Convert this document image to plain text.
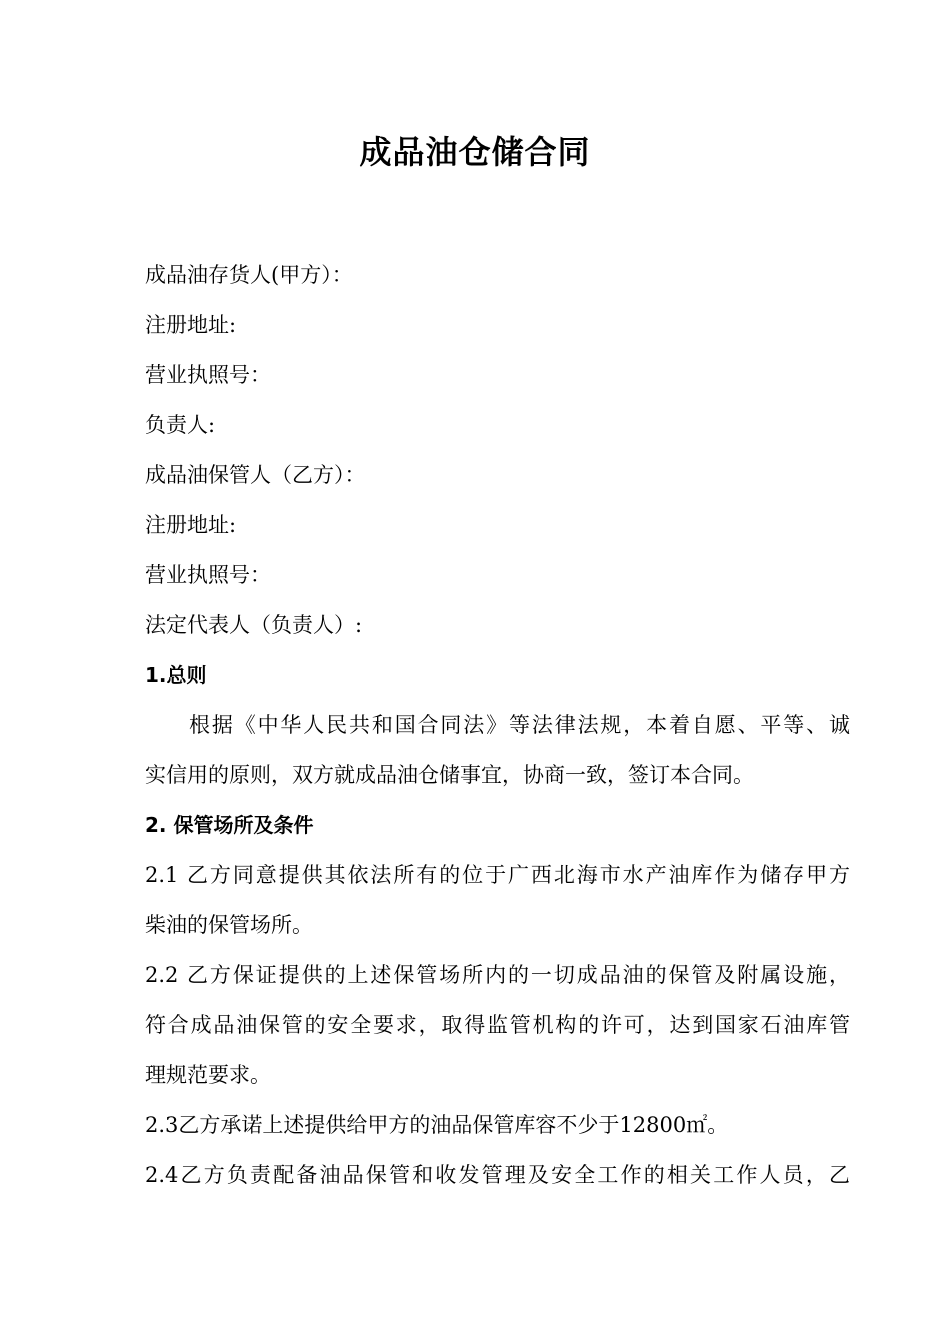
成品油仓储合同
成品油存货人(甲方）：
注册地址:
营业执照号：
负责人:
成品油保管人（乙方）：
注册地址:
营业执照号：
法定代表人（负责人）:
1.总则
根据《中华人民共和国合同法》等法律法规，本着自愿、平等、诚
实信用的原则，双方就成品油仓储事宜，协商一致，签订本合同。
2. 保管场所及条件
2.1 乙方同意提供其依法所有的位于广西北海市水产油库作为储存甲方
柴油的保管场所。
2.2 乙方保证提供的上述保管场所内的一切成品油的保管及附属设施，
符合成品油保管的安全要求，取得监管机构的许可，达到国家石油库管
理规范要求。
2.3乙方承诺上述提供给甲方的油品保管库容不少于12800㎡。
2.4乙方负责配备油品保管和收发管理及安全工作的相关工作人员，乙
